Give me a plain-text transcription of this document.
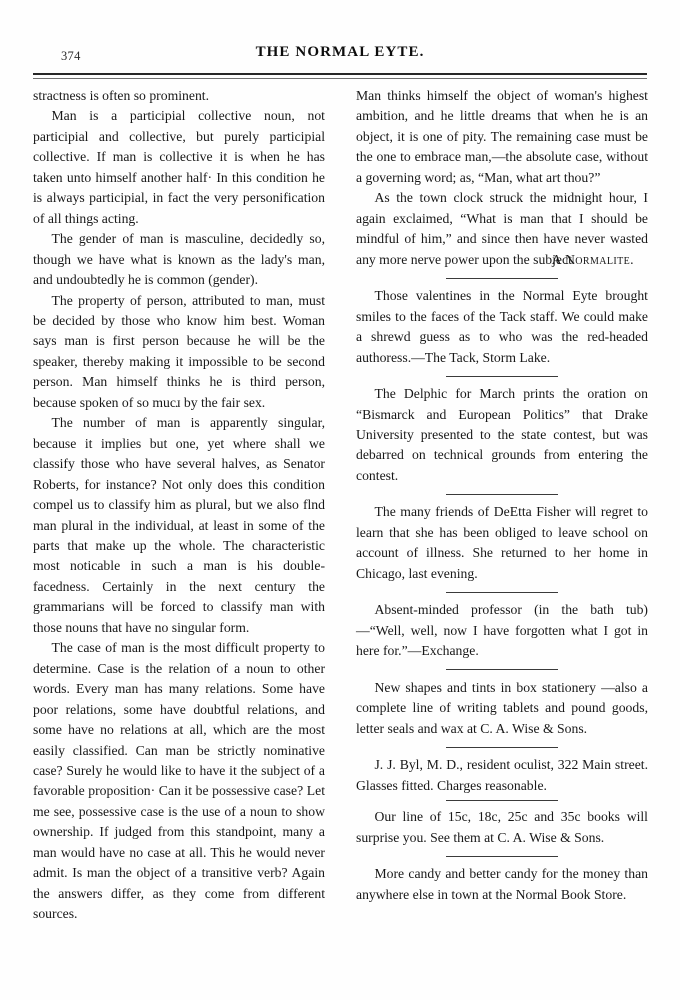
374	THE NORMAL EYTE.

stractness is often so prominent.

Man is a participial collective noun, not participial and collective, but purely participial collective. If man is collective it is when he has taken unto himself another half· In this condition he is always participial, in fact the very personification of all things acting.

The gender of man is masculine, decidedly so, though we have what is known as the lady's man, and undoubtedly he is common (gender).

The property of person, attributed to man, must be decided by those who know him best. Woman says man is first person because he will be the speaker, thereby making it impossible to be second person. Man himself thinks he is third person, because spoken of so mucɹ by the fair sex.

The number of man is apparently singular, because it implies but one, yet where shall we classify those who have several halves, as Senator Roberts, for instance? Not only does this condition compel us to classify him as plural, but we also flnd man plural in the individual, at least in some of the parts that make up the whole. The characteristic most noticable in such a man is his double-facedness. Certainly in the next century the grammarians will be forced to classify man with those nouns that have no singular form.

The case of man is the most difficult property to determine. Case is the relation of a noun to other words. Every man has many relations. Some have poor relations, some have doubtful relations, and some have no relations at all, which are the most easily classified. Can man be strictly nominative case? Surely he would like to have it the subject of a favorable proposition· Can it be possessive case? Let me see, possessive case is the use of a noun to show ownership. If judged from this standpoint, many a man would have no case at all. This he would never admit. Is man the object of a transitive verb? Again the answers differ, as they come from different sources.

Man thinks himself the object of woman's highest ambition, and he little dreams that when he is an object, it is one of pity. The remaining case must be the one to embrace man,—the absolute case, without a governing word; as, “Man, what art thou?”

As the town clock struck the midnight hour, I again exclaimed, “What is man that I should be mindful of him,” and since then have never wasted any more nerve power upon the subject.

A Normalite.

Those valentines in the Normal Eyte brought smiles to the faces of the Tack staff. We could make a shrewd guess as to who was the red-headed authoress.—The Tack, Storm Lake.

The Delphic for March prints the oration on “Bismarck and European Politics” that Drake University presented to the state contest, but was debarred on technical grounds from entering the contest.

The many friends of DeEtta Fisher will regret to learn that she has been obliged to leave school on account of illness. She returned to her home in Chicago, last evening.

Absent-minded professor (in the bath tub)—“Well, well, now I have forgotten what I got in here for.”—Exchange.

New shapes and tints in box stationery —also a complete line of writing tablets and pound goods, letter seals and wax at C. A. Wise & Sons.

J. J. Byl, M. D., resident oculist, 322 Main street. Glasses fitted. Charges reasonable.

Our line of 15c, 18c, 25c and 35c books will surprise you. See them at C. A. Wise & Sons.

More candy and better candy for the money than anywhere else in town at the Normal Book Store.
